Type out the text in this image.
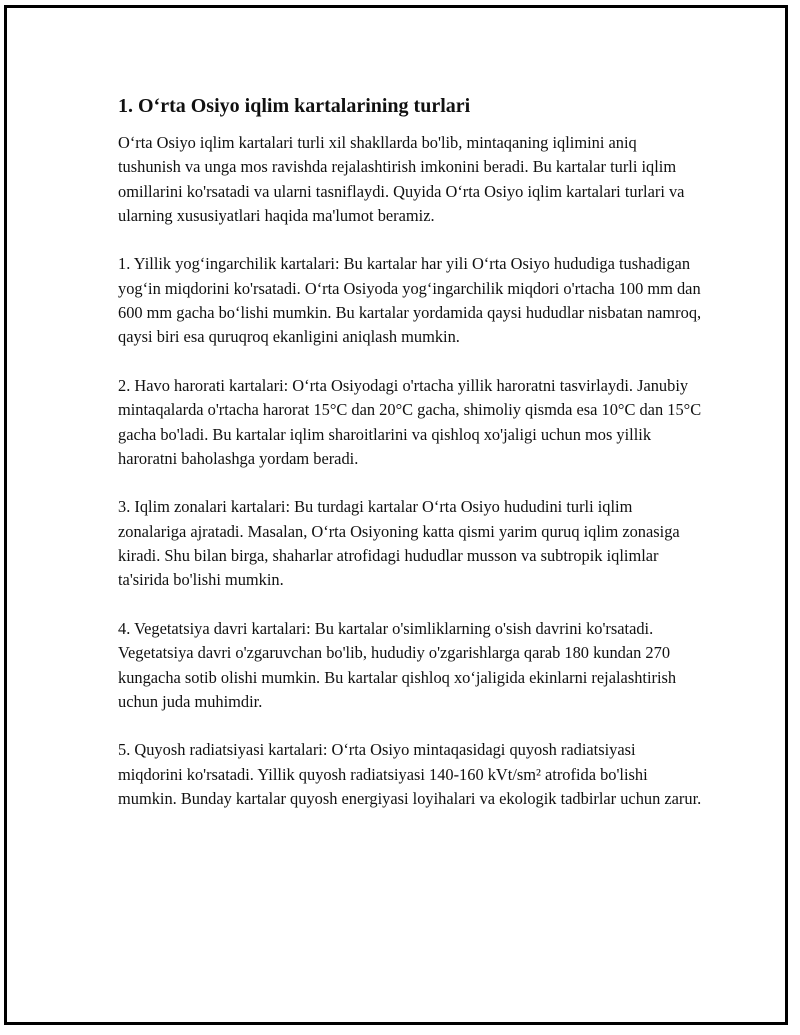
1. O‘rta Osiyo iqlim kartalarining turlari

O‘rta Osiyo iqlim kartalari turli xil shakllarda bo'lib, mintaqaning iqlimini aniq tushunish va unga mos ravishda rejalashtirish imkonini beradi. Bu kartalar turli iqlim omillarini ko'rsatadi va ularni tasniflaydi. Quyida O‘rta Osiyo iqlim kartalari turlari va ularning xususiyatlari haqida ma'lumot beramiz.

1. Yillik yog‘ingarchilik kartalari: Bu kartalar har yili O‘rta Osiyo hududiga tushadigan yog‘in miqdorini ko'rsatadi. O‘rta Osiyoda yog‘ingarchilik miqdori o'rtacha 100 mm dan 600 mm gacha bo‘lishi mumkin. Bu kartalar yordamida qaysi hududlar nisbatan namroq, qaysi biri esa quruqroq ekanligini aniqlash mumkin.

2. Havo harorati kartalari: O‘rta Osiyodagi o'rtacha yillik haroratni tasvirlaydi. Janubiy mintaqalarda o'rtacha harorat 15°C dan 20°C gacha, shimoliy qismda esa 10°C dan 15°C gacha bo'ladi. Bu kartalar iqlim sharoitlarini va qishloq xo'jaligi uchun mos yillik haroratni baholashga yordam beradi.

3. Iqlim zonalari kartalari: Bu turdagi kartalar O‘rta Osiyo hududini turli iqlim zonalariga ajratadi. Masalan, O‘rta Osiyoning katta qismi yarim quruq iqlim zonasiga kiradi. Shu bilan birga, shaharlar atrofidagi hududlar musson va subtropik iqlimlar ta'sirida bo'lishi mumkin.

4. Vegetatsiya davri kartalari: Bu kartalar o'simliklarning o'sish davrini ko'rsatadi. Vegetatsiya davri o'zgaruvchan bo'lib, hududiy o'zgarishlarga qarab 180 kundan 270 kungacha sotib olishi mumkin. Bu kartalar qishloq xo‘jaligida ekinlarni rejalashtirish uchun juda muhimdir.

5. Quyosh radiatsiyasi kartalari: O‘rta Osiyo mintaqasidagi quyosh radiatsiyasi miqdorini ko'rsatadi. Yillik quyosh radiatsiyasi 140-160 kVt/sm² atrofida bo'lishi mumkin. Bunday kartalar quyosh energiyasi loyihalari va ekologik tadbirlar uchun zarur.
